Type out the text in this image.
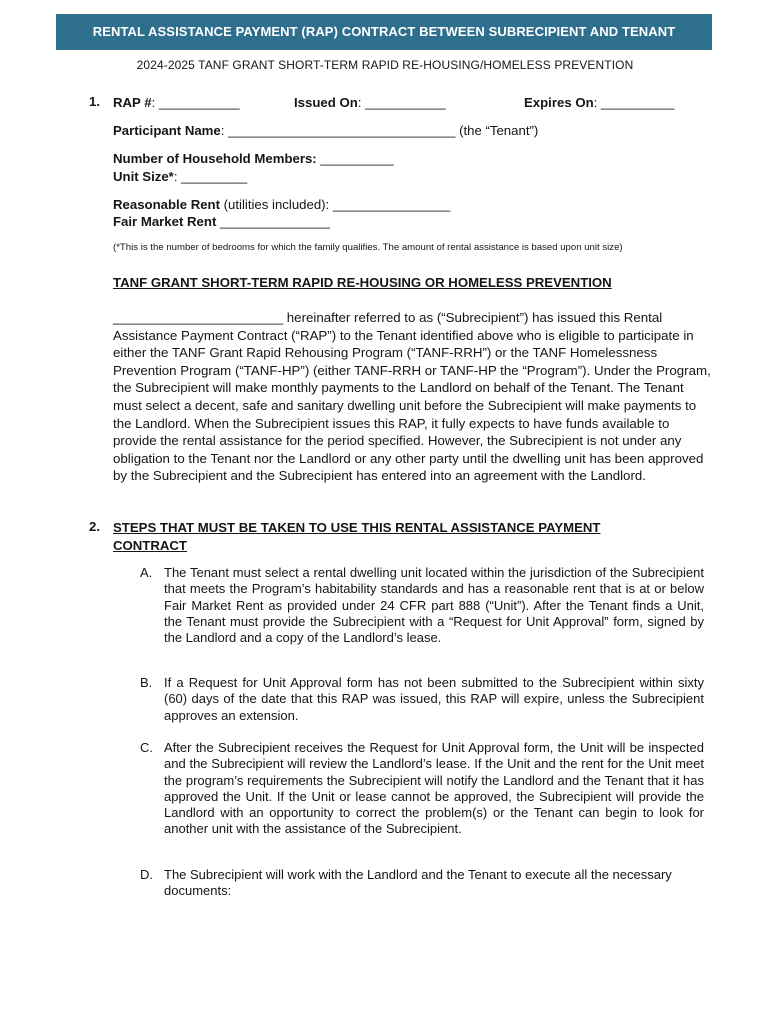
RENTAL ASSISTANCE PAYMENT (RAP) CONTRACT BETWEEN SUBRECIPIENT AND TENANT
2024-2025 TANF GRANT SHORT-TERM RAPID RE-HOUSING/HOMELESS PREVENTION
1. RAP #: ___________	Issued On: ___________	Expires On: __________
Participant Name: _______________________________ (the “Tenant”)
Number of Household Members: __________
Unit Size*: _________
Reasonable Rent (utilities included): ________________
Fair Market Rent _______________
(*This is the number of bedrooms for which the family qualifies. The amount of rental assistance is based upon unit size)
TANF GRANT SHORT-TERM RAPID RE-HOUSING OR HOMELESS PREVENTION
_______________________ hereinafter referred to as (“Subrecipient”) has issued this Rental Assistance Payment Contract (“RAP”) to the Tenant identified above who is eligible to participate in either the TANF Grant Rapid Rehousing Program (“TANF-RRH”) or the TANF Homelessness Prevention Program (“TANF-HP”) (either TANF-RRH or TANF-HP the “Program”). Under the Program, the Subrecipient will make monthly payments to the Landlord on behalf of the Tenant. The Tenant must select a decent, safe and sanitary dwelling unit before the Subrecipient will make payments to the Landlord. When the Subrecipient issues this RAP, it fully expects to have funds available to provide the rental assistance for the period specified. However, the Subrecipient is not under any obligation to the Tenant nor the Landlord or any other party until the dwelling unit has been approved by the Subrecipient and the Subrecipient has entered into an agreement with the Landlord.
2. STEPS THAT MUST BE TAKEN TO USE THIS RENTAL ASSISTANCE PAYMENT CONTRACT
A. The Tenant must select a rental dwelling unit located within the jurisdiction of the Subrecipient that meets the Program’s habitability standards and has a reasonable rent that is at or below Fair Market Rent as provided under 24 CFR part 888 (“Unit”). After the Tenant finds a Unit, the Tenant must provide the Subrecipient with a “Request for Unit Approval” form, signed by the Landlord and a copy of the Landlord’s lease.
B. If a Request for Unit Approval form has not been submitted to the Subrecipient within sixty (60) days of the date that this RAP was issued, this RAP will expire, unless the Subrecipient approves an extension.
C. After the Subrecipient receives the Request for Unit Approval form, the Unit will be inspected and the Subrecipient will review the Landlord’s lease. If the Unit and the rent for the Unit meet the program’s requirements the Subrecipient will notify the Landlord and the Tenant that it has approved the Unit. If the Unit or lease cannot be approved, the Subrecipient will provide the Landlord with an opportunity to correct the problem(s) or the Tenant can begin to look for another unit with the assistance of the Subrecipient.
D. The Subrecipient will work with the Landlord and the Tenant to execute all the necessary documents:
